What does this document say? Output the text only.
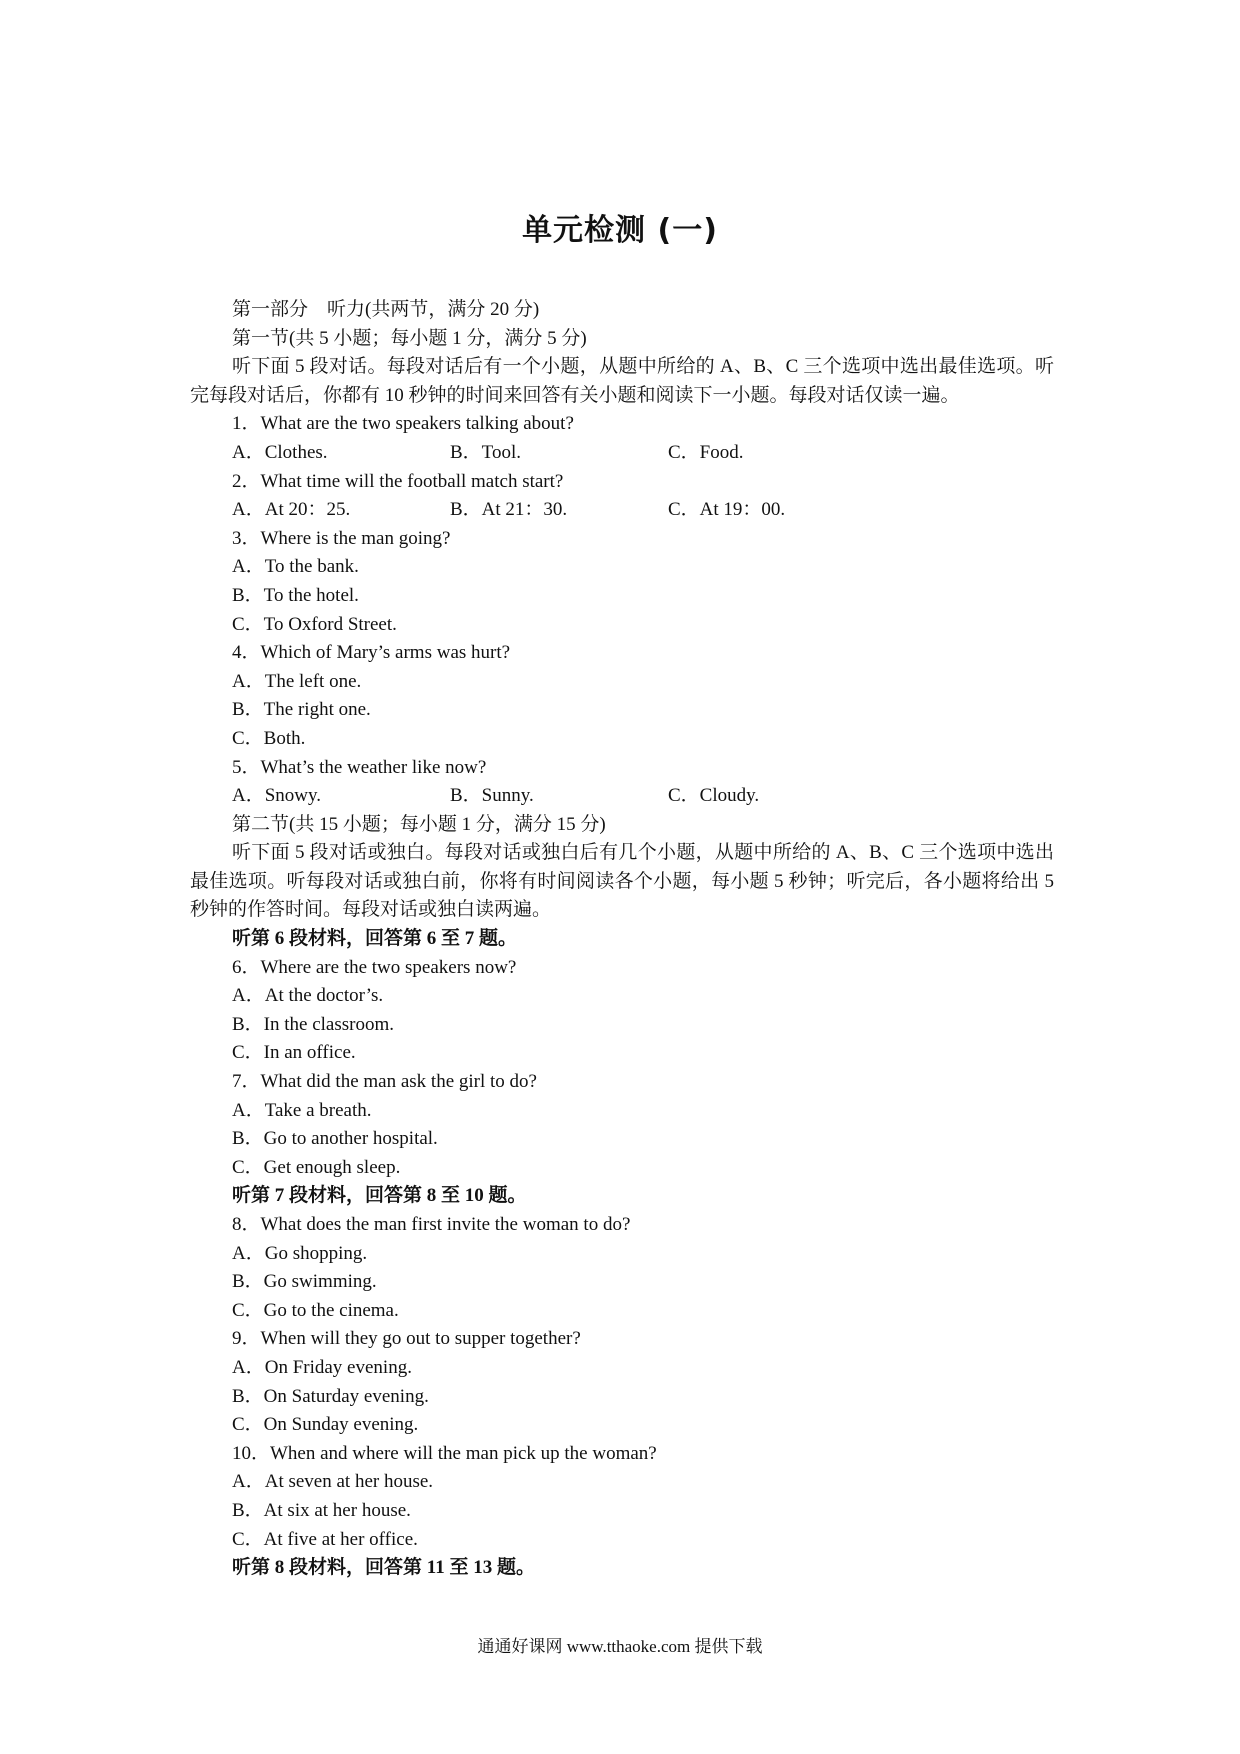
单元检测 (一)
第一部分　听力(共两节，满分 20 分)
第一节(共 5 小题；每小题 1 分，满分 5 分)
听下面 5 段对话。每段对话后有一个小题，从题中所给的 A、B、C 三个选项中选出最佳选项。听完每段对话后，你都有 10 秒钟的时间来回答有关小题和阅读下一小题。每段对话仅读一遍。
1．What are the two speakers talking about?
A．Clothes.	B．Tool.	C．Food.
2．What time will the football match start?
A．At 20：25.	B．At 21：30.	C．At 19：00.
3．Where is the man going?
A．To the bank.
B．To the hotel.
C．To Oxford Street.
4．Which of Mary’s arms was hurt?
A．The left one.
B．The right one.
C．Both.
5．What’s the weather like now?
A．Snowy.	B．Sunny.	C．Cloudy.
第二节(共 15 小题；每小题 1 分，满分 15 分)
听下面 5 段对话或独白。每段对话或独白后有几个小题，从题中所给的 A、B、C 三个选项中选出最佳选项。听每段对话或独白前，你将有时间阅读各个小题，每小题 5 秒钟；听完后，各小题将给出 5 秒钟的作答时间。每段对话或独白读两遍。
听第 6 段材料，回答第 6 至 7 题。
6．Where are the two speakers now?
A．At the doctor’s.
B．In the classroom.
C．In an office.
7．What did the man ask the girl to do?
A．Take a breath.
B．Go to another hospital.
C．Get enough sleep.
听第 7 段材料，回答第 8 至 10 题。
8．What does the man first invite the woman to do?
A．Go shopping.
B．Go swimming.
C．Go to the cinema.
9．When will they go out to supper together?
A．On Friday evening.
B．On Saturday evening.
C．On Sunday evening.
10．When and where will the man pick up the woman?
A．At seven at her house.
B．At six at her house.
C．At five at her office.
听第 8 段材料，回答第 11 至 13 题。
通通好课网 www.tthaoke.com 提供下载
